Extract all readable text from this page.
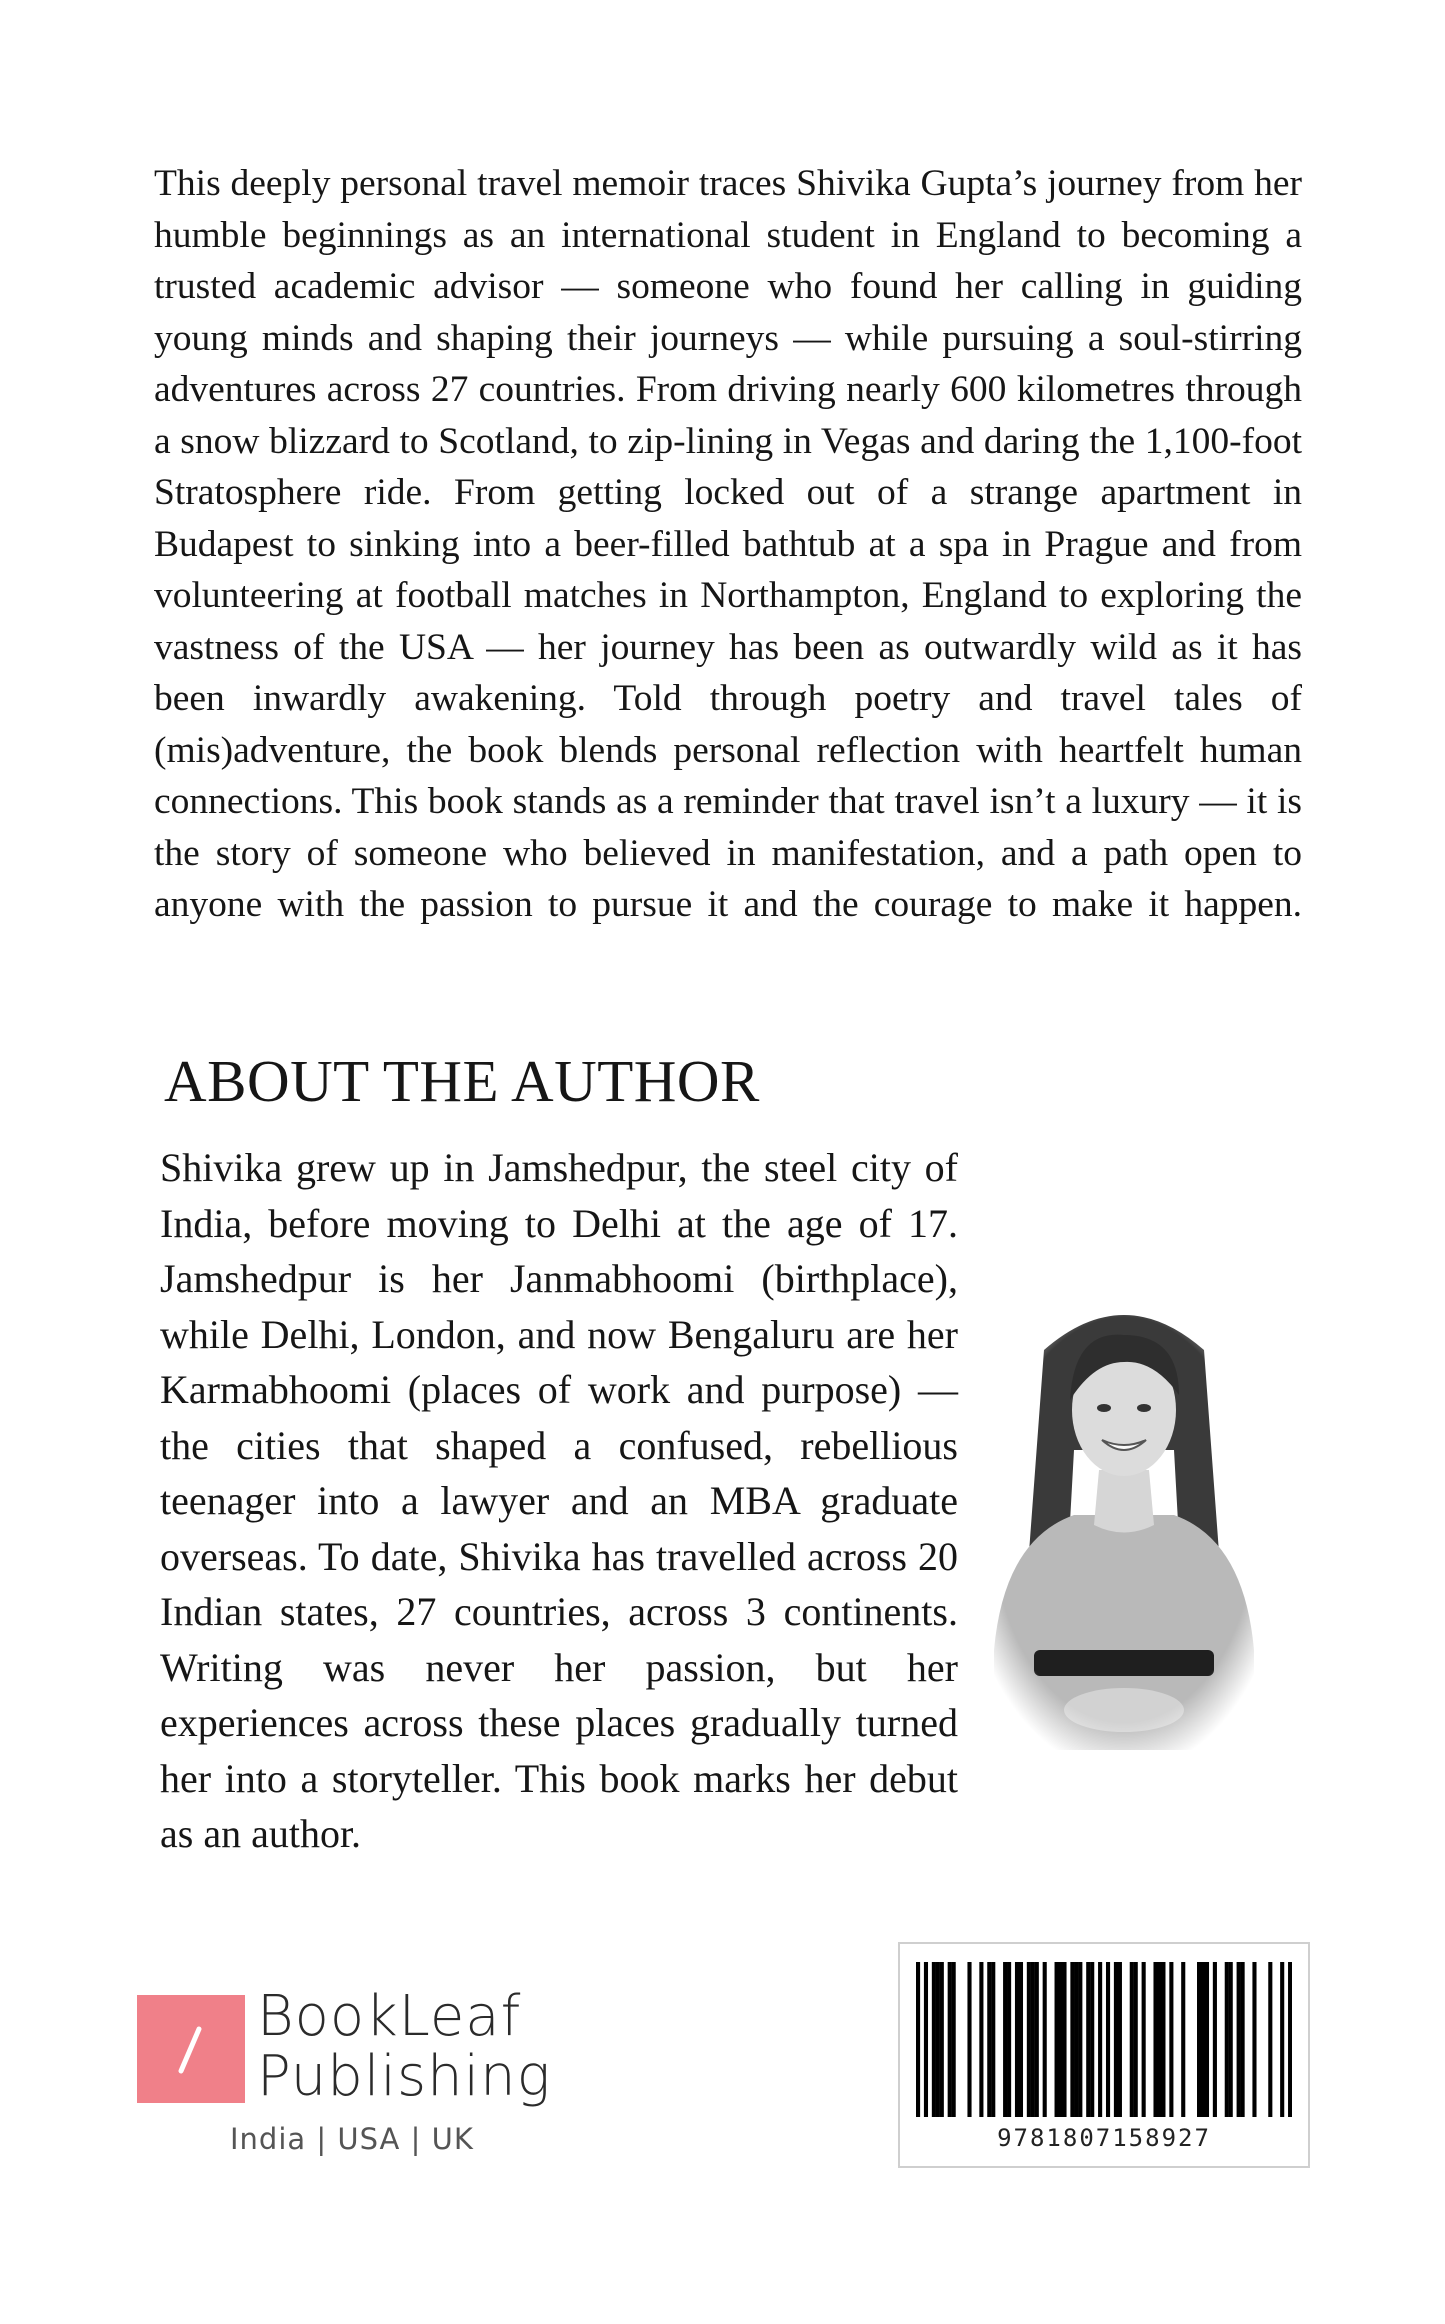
This deeply personal travel memoir traces Shivika Gupta’s journey from her humble beginnings as an international student in England to becoming a trusted academic advisor — someone who found her calling in guiding young minds and shaping their journeys — while pursuing a soul-stirring adventures across 27 countries. From driving nearly 600 kilometres through a snow blizzard to Scotland, to zip-lining in Vegas and daring the 1,100-foot Stratosphere ride. From getting locked out of a strange apartment in Budapest to sinking into a beer-filled bathtub at a spa in Prague and from volunteering at football matches in Northampton, England to exploring the vastness of the USA — her journey has been as outwardly wild as it has been inwardly awakening. Told through poetry and travel tales of (mis)adventure, the book blends personal reflection with heartfelt human connections. This book stands as a reminder that travel isn’t a luxury — it is the story of someone who believed in manifestation, and a path open to anyone with the passion to pursue it and the courage to make it happen.

ABOUT THE AUTHOR

Shivika grew up in Jamshedpur, the steel city of India, before moving to Delhi at the age of 17. Jamshedpur is her Janmabhoomi (birthplace), while Delhi, London, and now Bengaluru are her Karmabhoomi (places of work and purpose) — the cities that shaped a confused, rebellious teenager into a lawyer and an MBA graduate overseas. To date, Shivika has travelled across 20 Indian states, 27 countries, across 3 continents. Writing was never her passion, but her experiences across these places gradually turned her into a storyteller. This book marks her debut as an author.

BookLeaf
Publishing
India | USA | UK	9781807158927
